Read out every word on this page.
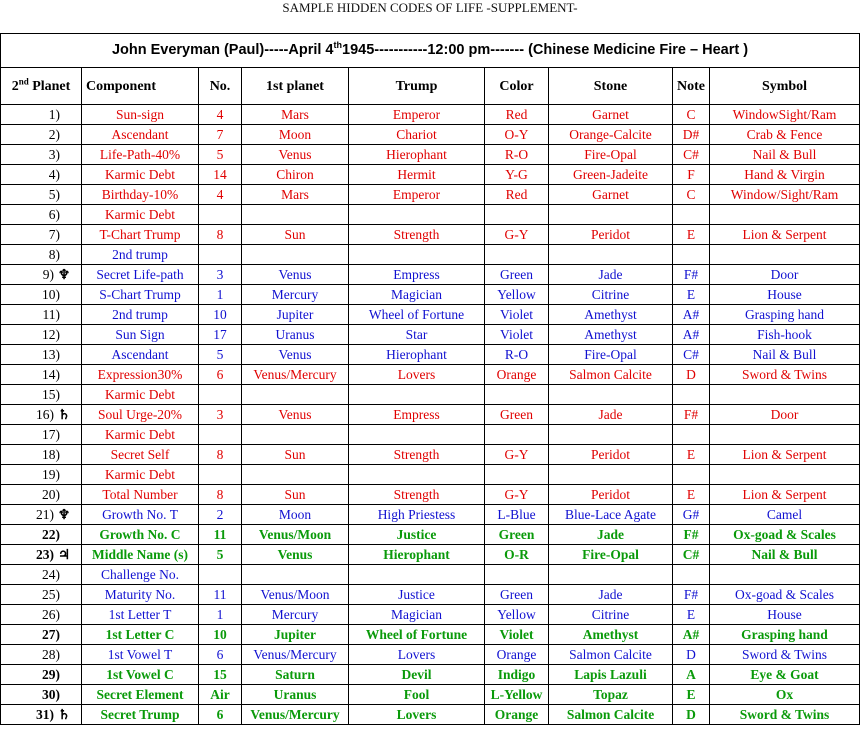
SAMPLE HIDDEN CODES OF LIFE -SUPPLEMENT-
John Everyman (Paul)-----April 4th1945-----------12:00 pm------- (Chinese Medicine Fire – Heart )								
2nd Planet	Component	No.	1st planet	Trump	Color	Stone	Note	Symbol
1)	Sun-sign	4	Mars	Emperor	Red	Garnet	C	WindowSight/Ram
2)	Ascendant	7	Moon	Chariot	O-Y	Orange-Calcite	D#	Crab & Fence
3)	Life-Path-40%	5	Venus	Hierophant	R-O	Fire-Opal	C#	Nail & Bull
4)	Karmic Debt	14	Chiron	Hermit	Y-G	Green-Jadeite	F	Hand & Virgin
5)	Birthday-10%	4	Mars	Emperor	Red	Garnet	C	Window/Sight/Ram
6)	Karmic Debt							
7)	T-Chart Trump	8	Sun	Strength	G-Y	Peridot	E	Lion & Serpent
8)	2nd trump							
9) ♆	Secret Life-path	3	Venus	Empress	Green	Jade	F#	Door
10)	S-Chart Trump	1	Mercury	Magician	Yellow	Citrine	E	House
11)	2nd trump	10	Jupiter	Wheel of Fortune	Violet	Amethyst	A#	Grasping hand
12)	Sun Sign	17	Uranus	Star	Violet	Amethyst	A#	Fish-hook
13)	Ascendant	5	Venus	Hierophant	R-O	Fire-Opal	C#	Nail & Bull
14)	Expression30%	6	Venus/Mercury	Lovers	Orange	Salmon Calcite	D	Sword & Twins
15)	Karmic Debt							
16) ♄	Soul Urge-20%	3	Venus	Empress	Green	Jade	F#	Door
17)	Karmic Debt							
18)	Secret Self	8	Sun	Strength	G-Y	Peridot	E	Lion & Serpent
19)	Karmic Debt							
20)	Total Number	8	Sun	Strength	G-Y	Peridot	E	Lion & Serpent
21) ♆	Growth No. T	2	Moon	High Priestess	L-Blue	Blue-Lace Agate	G#	Camel
22)	Growth No. C	11	Venus/Moon	Justice	Green	Jade	F#	Ox-goad & Scales
23) ♃	Middle Name (s)	5	Venus	Hierophant	O-R	Fire-Opal	C#	Nail & Bull
24)	Challenge No.							
25)	Maturity No.	11	Venus/Moon	Justice	Green	Jade	F#	Ox-goad & Scales
26)	1st Letter T	1	Mercury	Magician	Yellow	Citrine	E	House
27)	1st Letter C	10	Jupiter	Wheel of Fortune	Violet	Amethyst	A#	Grasping hand
28)	1st Vowel T	6	Venus/Mercury	Lovers	Orange	Salmon Calcite	D	Sword & Twins
29)	1st Vowel C	15	Saturn	Devil	Indigo	Lapis Lazuli	A	Eye & Goat
30)	Secret Element	Air	Uranus	Fool	L-Yellow	Topaz	E	Ox
31) ♄	Secret Trump	6	Venus/Mercury	Lovers	Orange	Salmon Calcite	D	Sword & Twins
